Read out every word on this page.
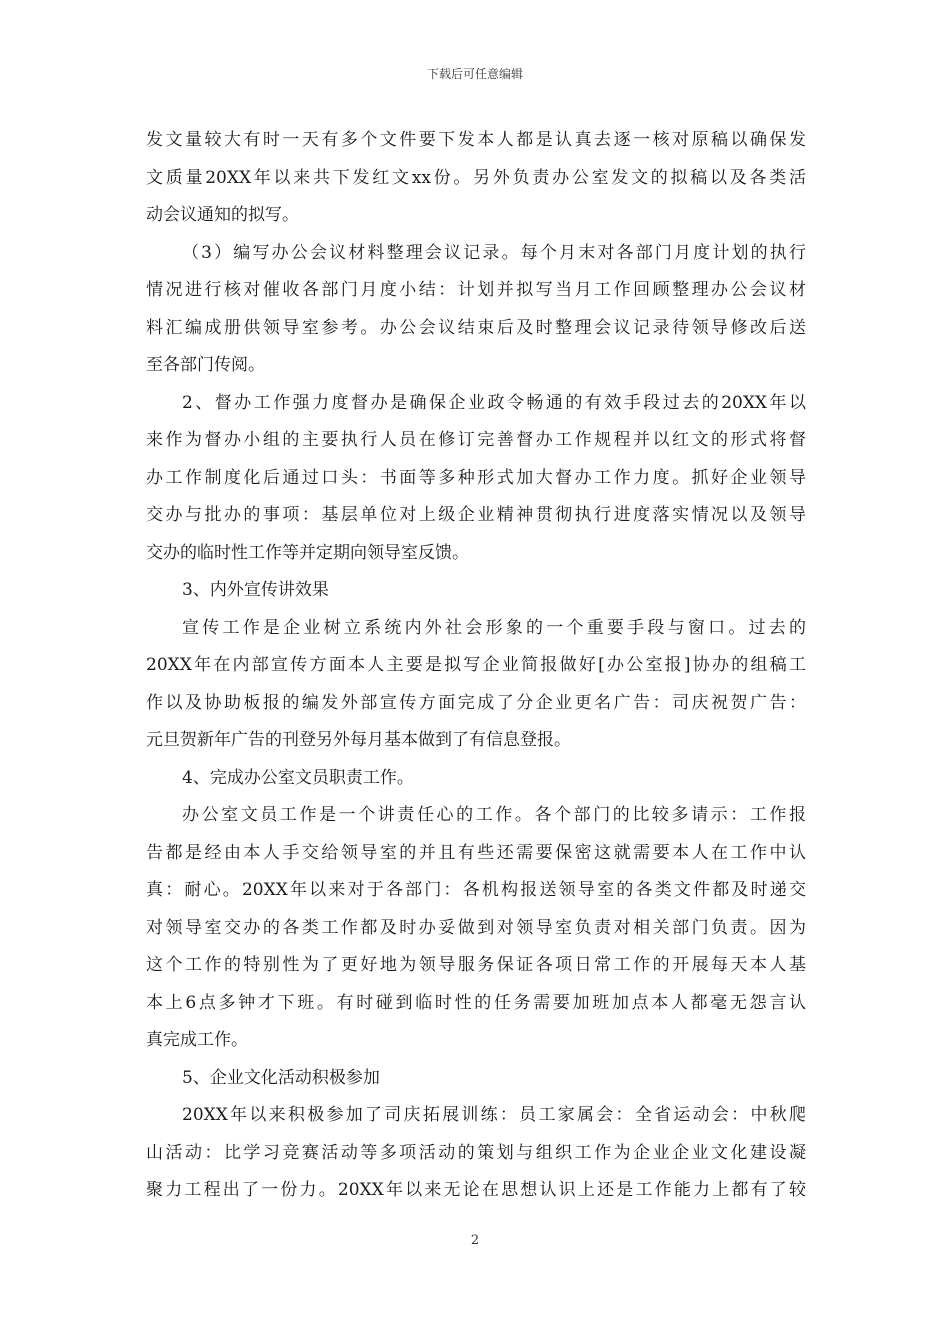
下载后可任意编辑
发文量较大有时一天有多个文件要下发本人都是认真去逐一核对原稿以确保发
文质量20XX年以来共下发红文xx份。另外负责办公室发文的拟稿以及各类活
动会议通知的拟写。
（3）编写办公会议材料整理会议记录。每个月末对各部门月度计划的执行
情况进行核对催收各部门月度小结：计划并拟写当月工作回顾整理办公会议材
料汇编成册供领导室参考。办公会议结束后及时整理会议记录待领导修改后送
至各部门传阅。
2、督办工作强力度督办是确保企业政令畅通的有效手段过去的20XX年以
来作为督办小组的主要执行人员在修订完善督办工作规程并以红文的形式将督
办工作制度化后通过口头：书面等多种形式加大督办工作力度。抓好企业领导
交办与批办的事项：基层单位对上级企业精神贯彻执行进度落实情况以及领导
交办的临时性工作等并定期向领导室反馈。
3、内外宣传讲效果
宣传工作是企业树立系统内外社会形象的一个重要手段与窗口。过去的
20XX年在内部宣传方面本人主要是拟写企业简报做好[办公室报]协办的组稿工
作以及协助板报的编发外部宣传方面完成了分企业更名广告：司庆祝贺广告：
元旦贺新年广告的刊登另外每月基本做到了有信息登报。
4、完成办公室文员职责工作。
办公室文员工作是一个讲责任心的工作。各个部门的比较多请示：工作报
告都是经由本人手交给领导室的并且有些还需要保密这就需要本人在工作中认
真：耐心。20XX年以来对于各部门：各机构报送领导室的各类文件都及时递交
对领导室交办的各类工作都及时办妥做到对领导室负责对相关部门负责。因为
这个工作的特别性为了更好地为领导服务保证各项日常工作的开展每天本人基
本上6点多钟才下班。有时碰到临时性的任务需要加班加点本人都毫无怨言认
真完成工作。
5、企业文化活动积极参加
20XX年以来积极参加了司庆拓展训练：员工家属会：全省运动会：中秋爬
山活动：比学习竞赛活动等多项活动的策划与组织工作为企业企业文化建设凝
聚力工程出了一份力。20XX年以来无论在思想认识上还是工作能力上都有了较
2
